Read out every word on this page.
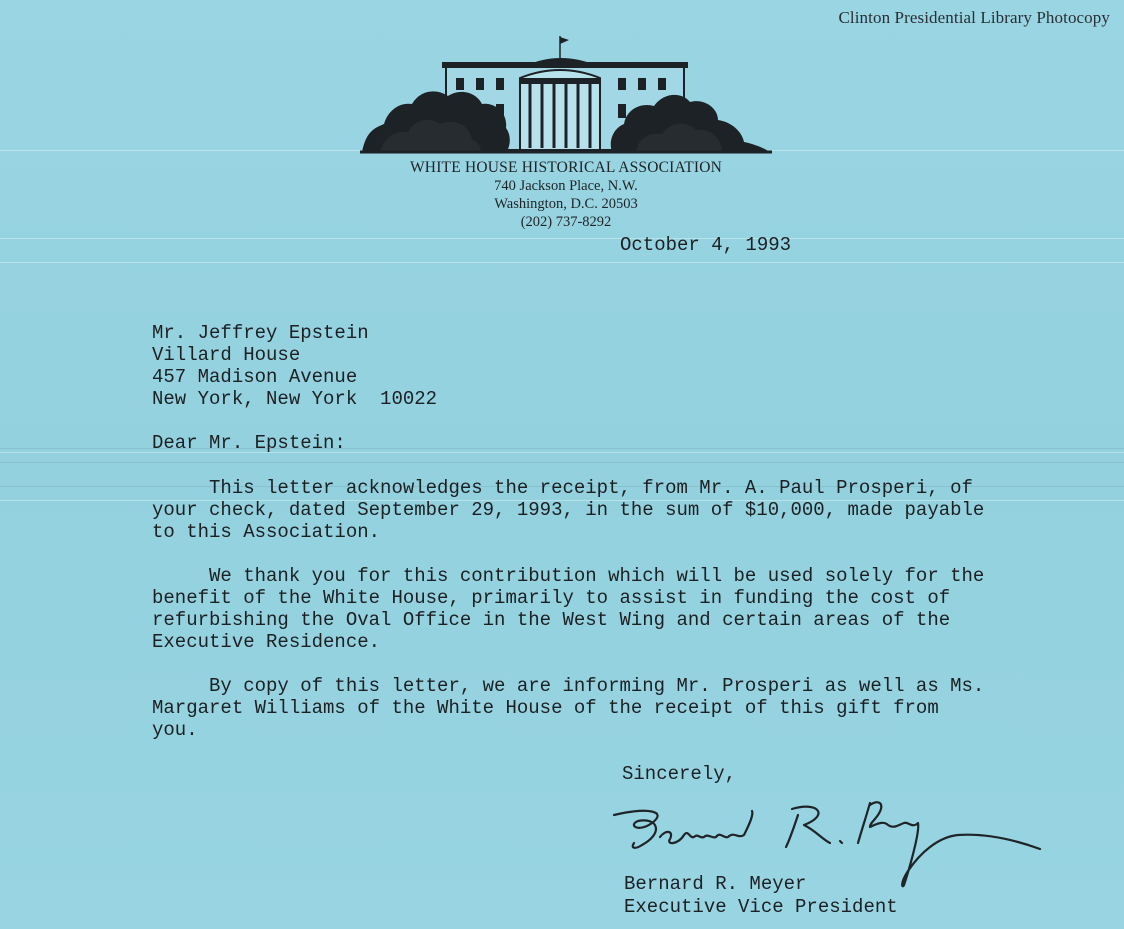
Clinton Presidential Library Photocopy
WHITE HOUSE HISTORICAL ASSOCIATION
740 Jackson Place, N.W.
Washington, D.C. 20503
(202) 737-8292
October 4, 1993
Mr. Jeffrey Epstein
Villard House
457 Madison Avenue
New York, New York  10022
Dear Mr. Epstein:
This letter acknowledges the receipt, from Mr. A. Paul Prosperi, of
your check, dated September 29, 1993, in the sum of $10,000, made payable
to this Association.
We thank you for this contribution which will be used solely for the
benefit of the White House, primarily to assist in funding the cost of
refurbishing the Oval Office in the West Wing and certain areas of the
Executive Residence.
By copy of this letter, we are informing Mr. Prosperi as well as Ms.
Margaret Williams of the White House of the receipt of this gift from
you.
Sincerely,
Bernard R. Meyer
Executive Vice President
